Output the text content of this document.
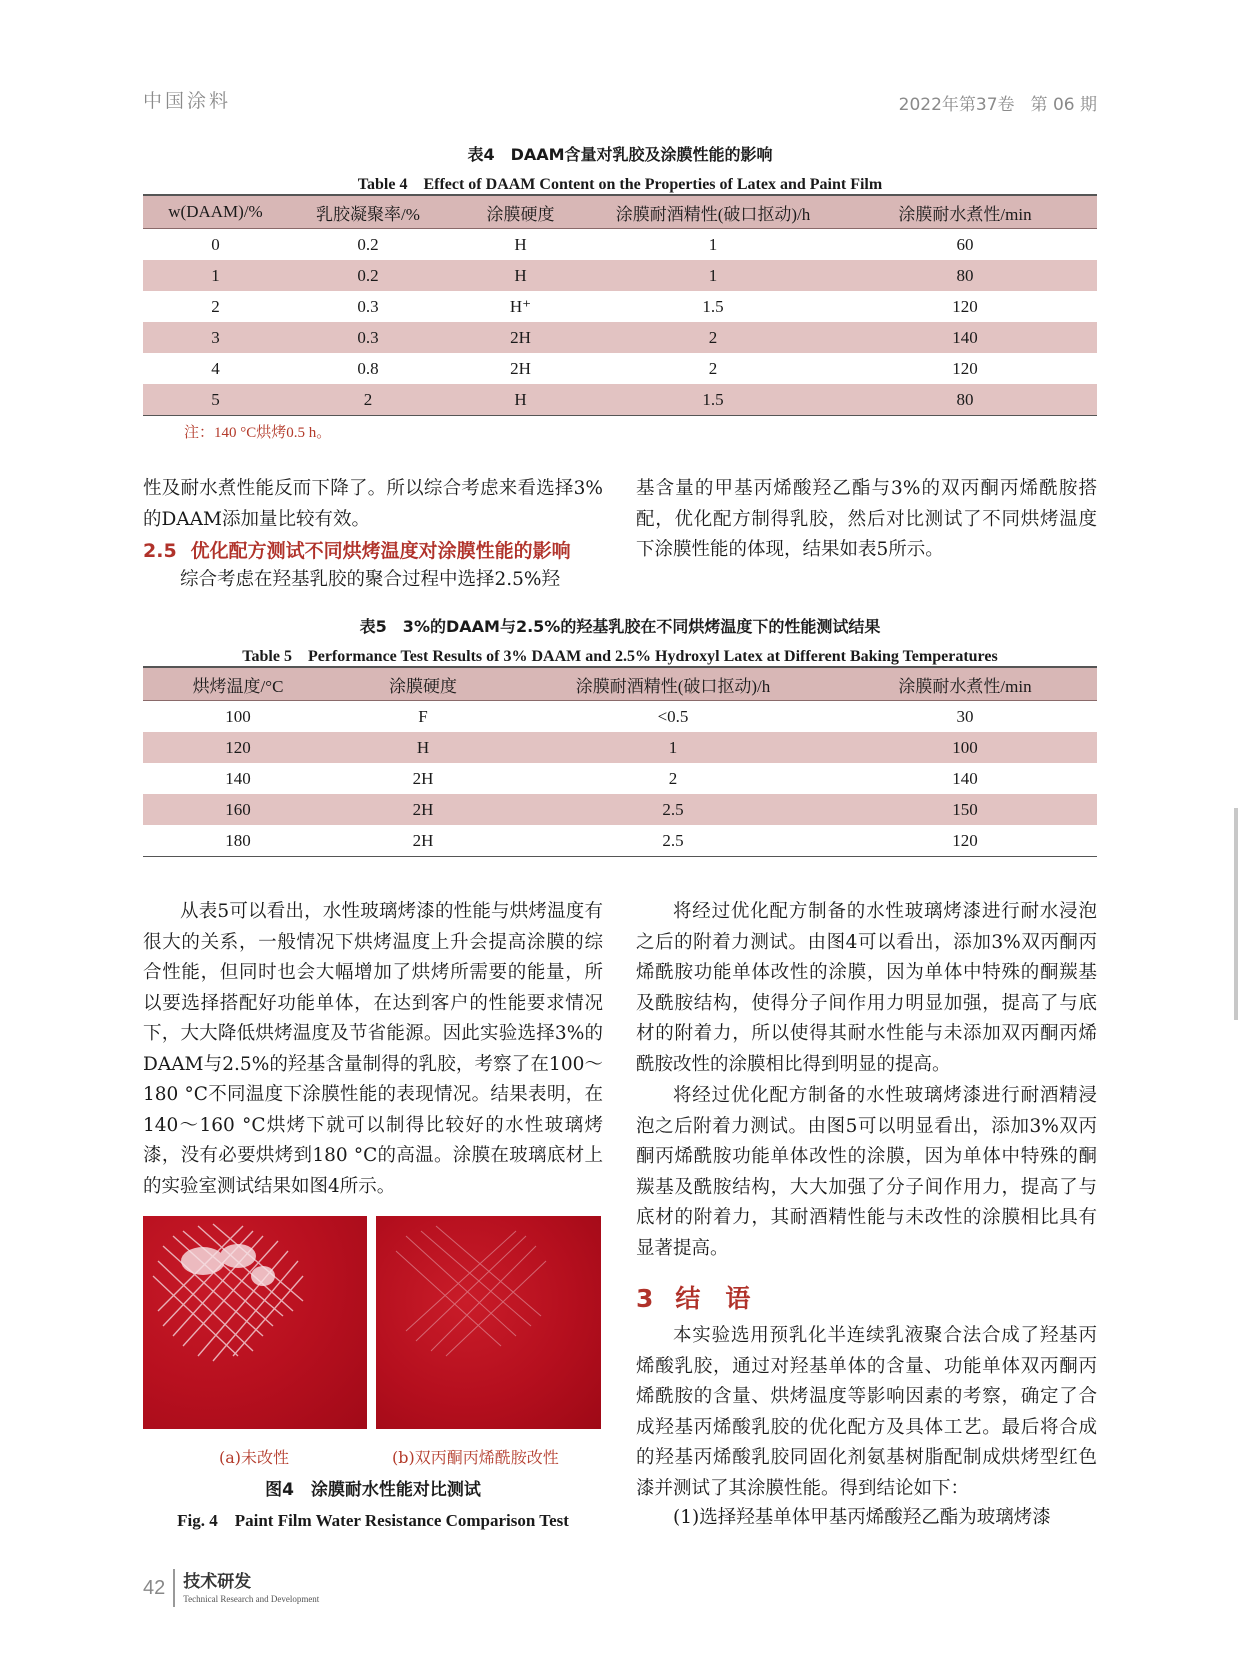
中国涂料	2022年第37卷 第 06 期
表4　DAAM含量对乳胶及涂膜性能的影响
Table 4　Effect of DAAM Content on the Properties of Latex and Paint Film
w(DAAM)/%	乳胶凝聚率/%	涂膜硬度	涂膜耐酒精性(破口抠动)/h	涂膜耐水煮性/min
0	0.2	H	1	60
1	0.2	H	1	80
2	0.3	H⁺	1.5	120
3	0.3	2H	2	140
4	0.8	2H	2	120
5	2	H	1.5	80
注：140 °C烘烤0.5 h。

性及耐水煮性能反而下降了。所以综合考虑来看选择3%的DAAM添加量比较有效。

2.5 优化配方测试不同烘烤温度对涂膜性能的影响

综合考虑在羟基乳胶的聚合过程中选择2.5%羟

基含量的甲基丙烯酸羟乙酯与3%的双丙酮丙烯酰胺搭配，优化配方制得乳胶，然后对比测试了不同烘烤温度下涂膜性能的体现，结果如表5所示。

表5　3%的DAAM与2.5%的羟基乳胶在不同烘烤温度下的性能测试结果
Table 5　Performance Test Results of 3% DAAM and 2.5% Hydroxyl Latex at Different Baking Temperatures
烘烤温度/°C	涂膜硬度	涂膜耐酒精性(破口抠动)/h	涂膜耐水煮性/min
100	F	<0.5	30
120	H	1	100
140	2H	2	140
160	2H	2.5	150
180	2H	2.5	120

从表5可以看出，水性玻璃烤漆的性能与烘烤温度有很大的关系，一般情况下烘烤温度上升会提高涂膜的综合性能，但同时也会大幅增加了烘烤所需要的能量，所以要选择搭配好功能单体，在达到客户的性能要求情况下，大大降低烘烤温度及节省能源。因此实验选择3%的DAAM与2.5%的羟基含量制得的乳胶，考察了在100～180 °C不同温度下涂膜性能的表现情况。结果表明，在140～160 °C烘烤下就可以制得比较好的水性玻璃烤漆，没有必要烘烤到180 °C的高温。涂膜在玻璃底材上的实验室测试结果如图4所示。

(a)未改性	(b)双丙酮丙烯酰胺改性
图4　涂膜耐水性能对比测试
Fig. 4　Paint Film Water Resistance Comparison Test

将经过优化配方制备的水性玻璃烤漆进行耐水浸泡之后的附着力测试。由图4可以看出，添加3%双丙酮丙烯酰胺功能单体改性的涂膜，因为单体中特殊的酮羰基及酰胺结构，使得分子间作用力明显加强，提高了与底材的附着力，所以使得其耐水性能与未添加双丙酮丙烯酰胺改性的涂膜相比得到明显的提高。

将经过优化配方制备的水性玻璃烤漆进行耐酒精浸泡之后附着力测试。由图5可以明显看出，添加3%双丙酮丙烯酰胺功能单体改性的涂膜，因为单体中特殊的酮羰基及酰胺结构，大大加强了分子间作用力，提高了与底材的附着力，其耐酒精性能与未改性的涂膜相比具有显著提高。

3 结　语

本实验选用预乳化半连续乳液聚合法合成了羟基丙烯酸乳胶，通过对羟基单体的含量、功能单体双丙酮丙烯酰胺的含量、烘烤温度等影响因素的考察，确定了合成羟基丙烯酸乳胶的优化配方及具体工艺。最后将合成的羟基丙烯酸乳胶同固化剂氨基树脂配制成烘烤型红色漆并测试了其涂膜性能。得到结论如下：

(1)选择羟基单体甲基丙烯酸羟乙酯为玻璃烤漆

42 技术研发
Technical Research and Development
